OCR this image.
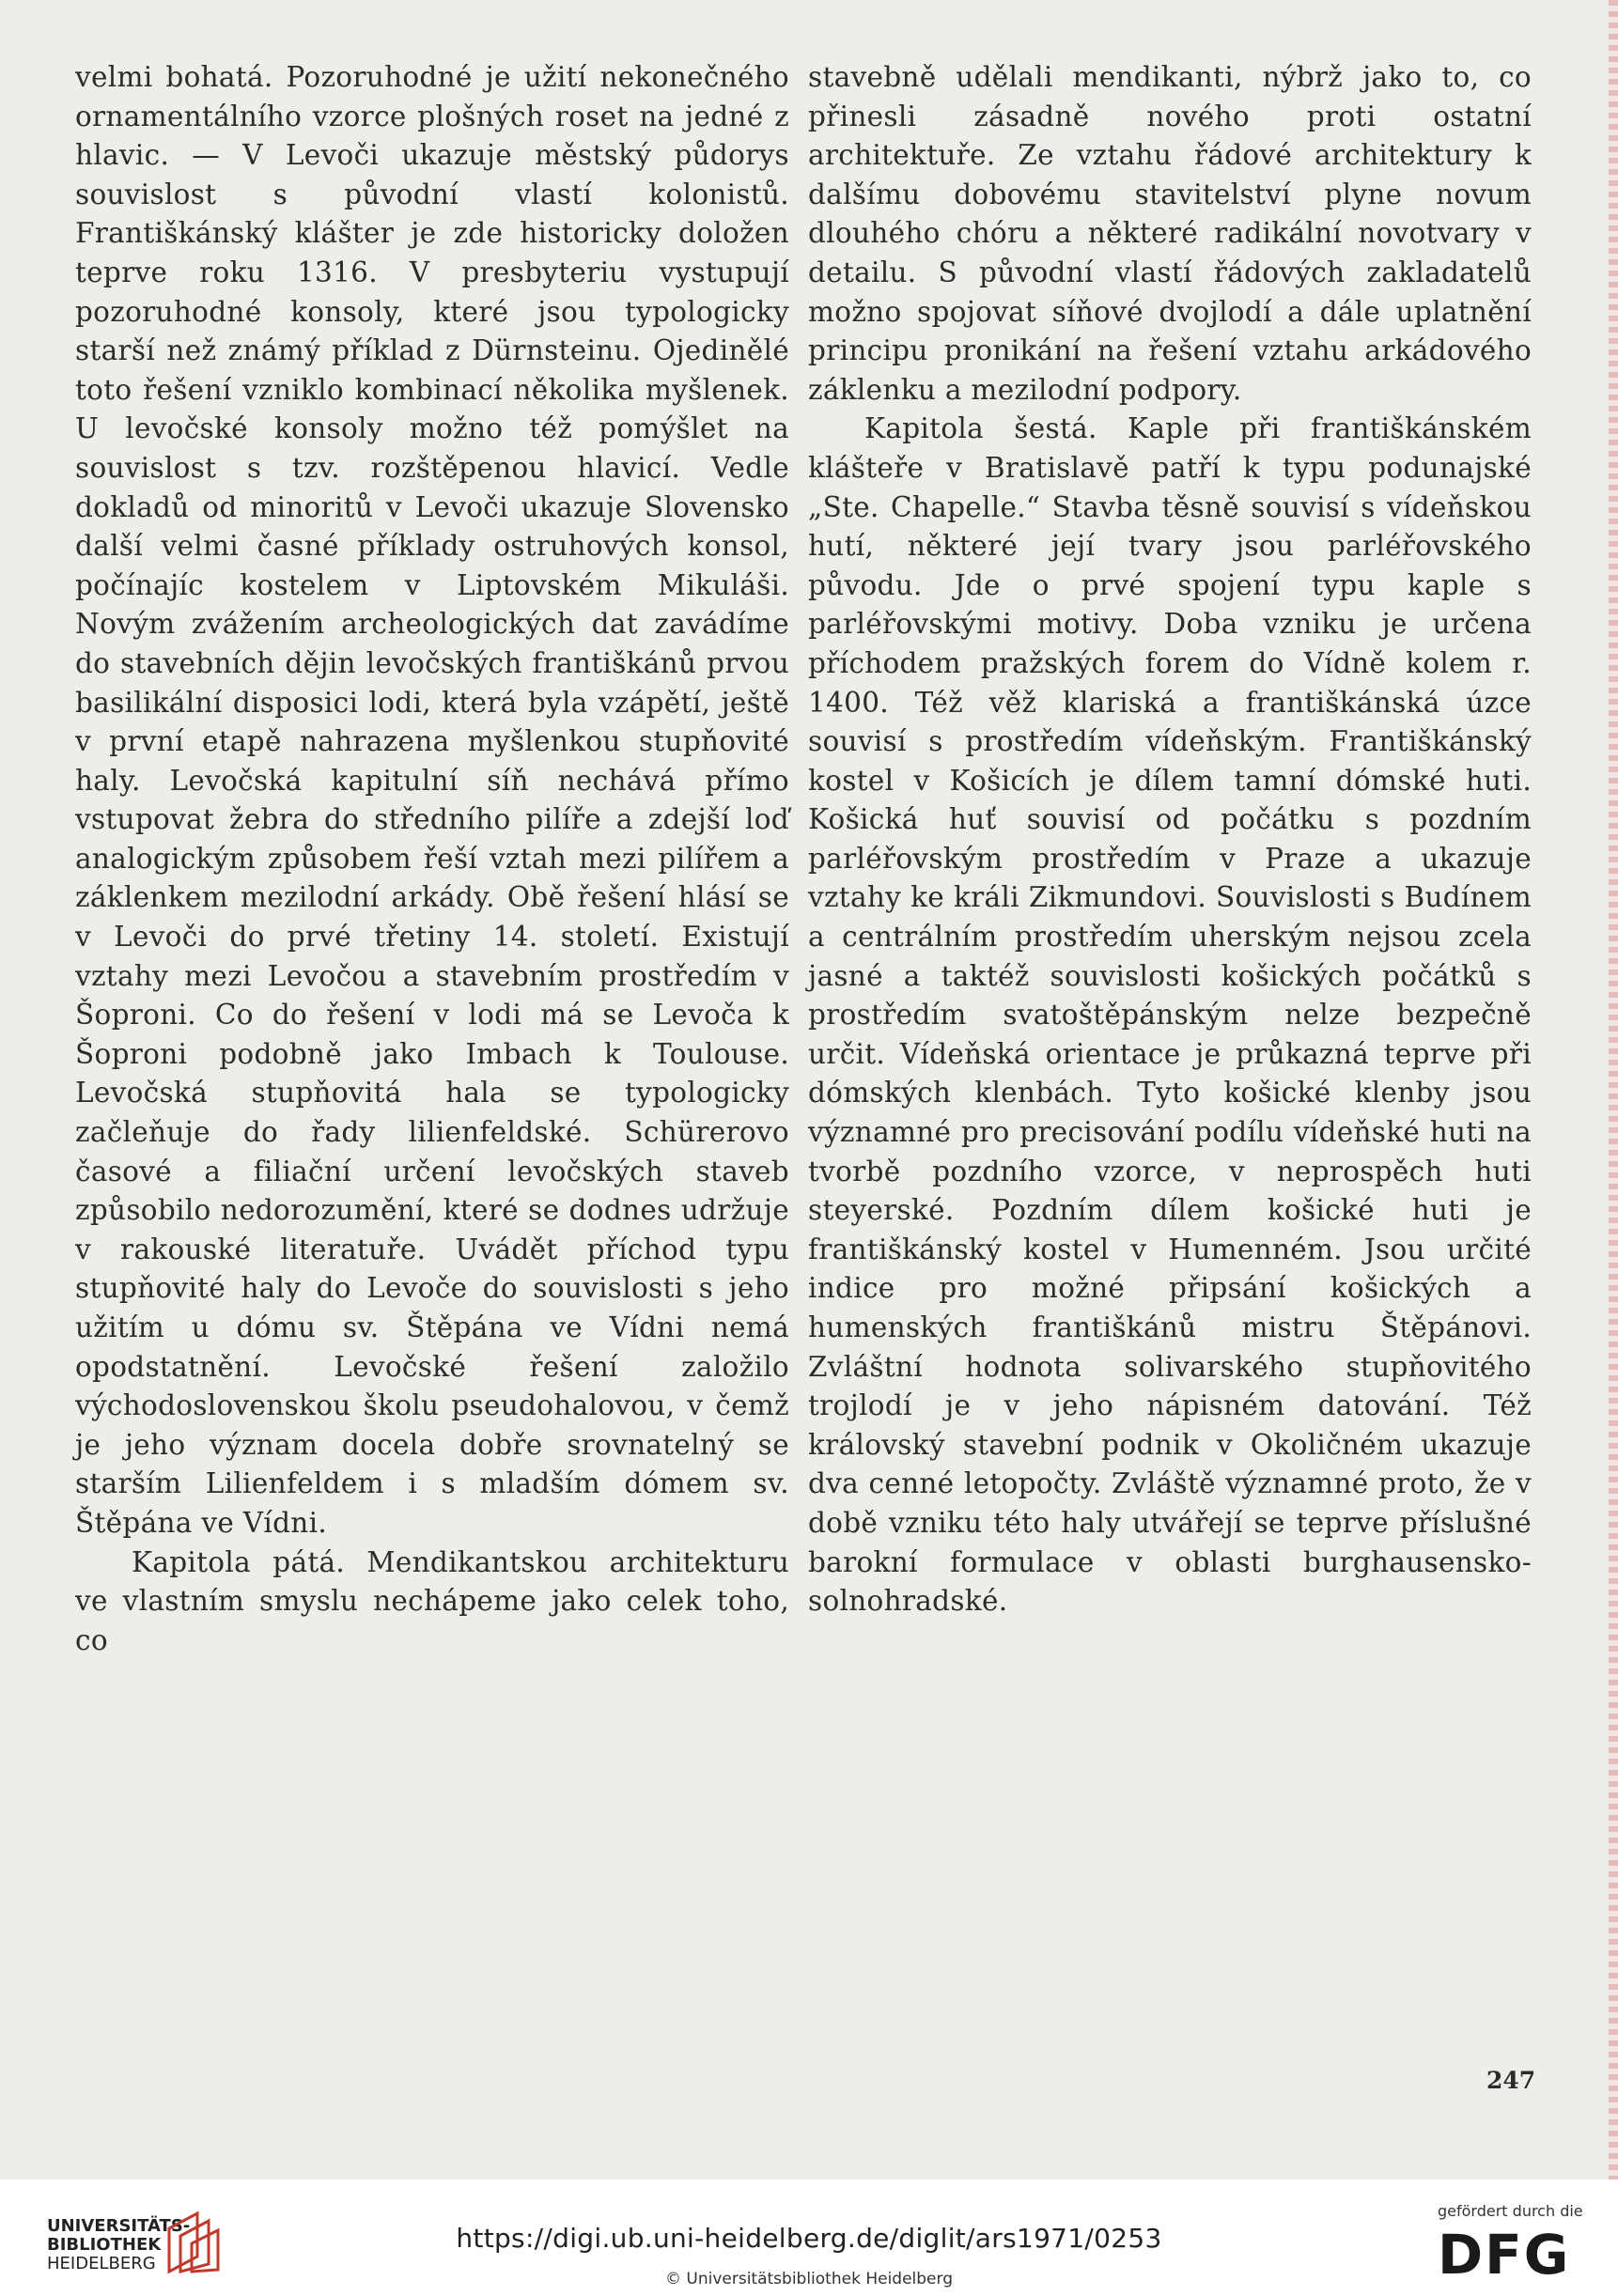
velmi bohatá. Pozoruhodné je užití nekonečného ornamentálního vzorce plošných roset na jedné z hlavic. — V Levoči ukazuje městský půdorys souvislost s původní vlastí kolonistů. Františkánský klášter je zde historicky doložen teprve roku 1316. V presbyteriu vystupují pozoruhodné konsoly, které jsou typologicky starší než známý příklad z Dürnsteinu. Ojedinělé toto řešení vzniklo kombinací několika myšlenek. U levočské konsoly možno též pomýšlet na souvislost s tzv. rozštěpenou hlavicí. Vedle dokladů od minoritů v Levoči ukazuje Slovensko další velmi časné příklady ostruhových konsol, počínajíc kostelem v Liptovském Mikuláši. Novým zvážením archeologických dat zavádíme do stavebních dějin levočských františkánů prvou basilikální disposici lodi, která byla vzápětí, ještě v první etapě nahrazena myšlenkou stupňovité haly. Levočská kapitulní síň nechává přímo vstupovat žebra do středního pilíře a zdejší loď analogickým způsobem řeší vztah mezi pilířem a záklenkem mezilodní arkády. Obě řešení hlásí se v Levoči do prvé třetiny 14. století. Existují vztahy mezi Levočou a stavebním prostředím v Šoproni. Co do řešení v lodi má se Levoča k Šoproni podobně jako Imbach k Toulouse. Levočská stupňovitá hala se typologicky začleňuje do řady lilienfeldské. Schürerovo časové a filiační určení levočských staveb způsobilo nedorozumění, které se dodnes udržuje v rakouské literatuře. Uvádět příchod typu stupňovité haly do Levoče do souvislosti s jeho užitím u dómu sv. Štěpána ve Vídni nemá opodstatnění. Levočské řešení založilo východoslovenskou školu pseudohalovou, v čemž je jeho význam docela dobře srovnatelný se starším Lilienfeldem i s mladším dómem sv. Štěpána ve Vídni.

Kapitola pátá. Mendikantskou architekturu ve vlastním smyslu nechápeme jako celek toho, co

stavebně udělali mendikanti, nýbrž jako to, co přinesli zásadně nového proti ostatní architektuře. Ze vztahu řádové architektury k dalšímu dobovému stavitelství plyne novum dlouhého chóru a některé radikální novotvary v detailu. S původní vlastí řádových zakladatelů možno spojovat síňové dvojlodí a dále uplatnění principu pronikání na řešení vztahu arkádového záklenku a mezilodní podpory.

Kapitola šestá. Kaple při františkánském klášteře v Bratislavě patří k typu podunajské „Ste. Chapelle.“ Stavba těsně souvisí s vídeňskou hutí, některé její tvary jsou parléřovského původu. Jde o prvé spojení typu kaple s parléřovskými motivy. Doba vzniku je určena příchodem pražských forem do Vídně kolem r. 1400. Též věž klariská a františkánská úzce souvisí s prostředím vídeňským. Františkánský kostel v Košicích je dílem tamní dómské huti. Košická huť souvisí od počátku s pozdním parléřovským prostředím v Praze a ukazuje vztahy ke králi Zikmundovi. Souvislosti s Budínem a centrálním prostředím uherským nejsou zcela jasné a taktéž souvislosti košických počátků s prostředím svatoštěpánským nelze bezpečně určit. Vídeňská orientace je průkazná teprve při dómských klenbách. Tyto košické klenby jsou významné pro precisování podílu vídeňské huti na tvorbě pozdního vzorce, v neprospěch huti steyerské. Pozdním dílem košické huti je františkánský kostel v Humenném. Jsou určité indice pro možné připsání košických a humenských františkánů mistru Štěpánovi. Zvláštní hodnota solivarského stupňovitého trojlodí je v jeho nápisném datování. Též královský stavební podnik v Okoličném ukazuje dva cenné letopočty. Zvláště významné proto, že v době vzniku této haly utvářejí se teprve příslušné barokní formulace v oblasti burghausensko-solnohradské.

247
UNIVERSITÄTS-
BIBLIOTHEK
HEIDELBERG
https://digi.ub.uni-heidelberg.de/diglit/ars1971/0253
© Universitätsbibliothek Heidelberg
gefördert durch die
DFG
